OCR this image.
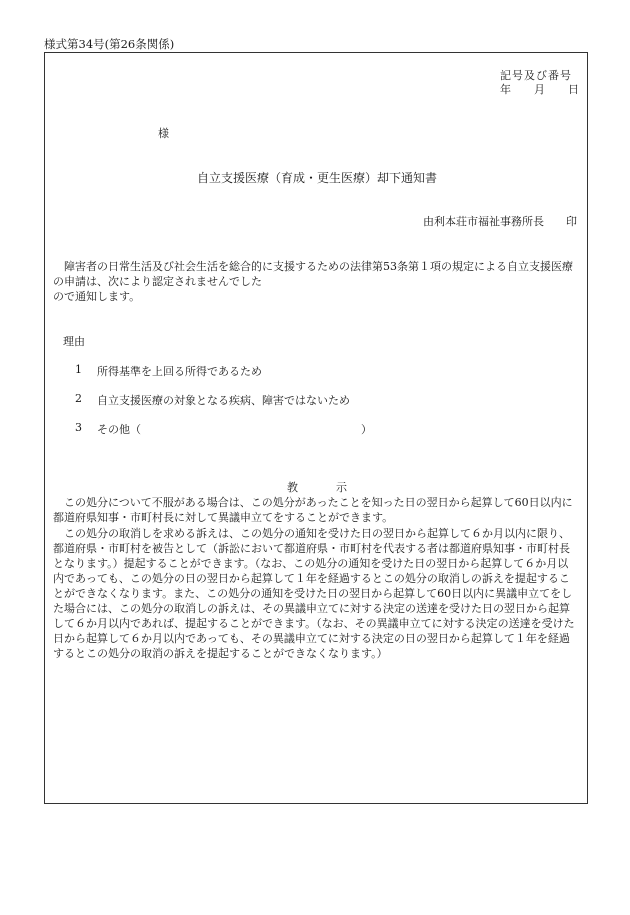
様式第34号(第26条関係)
記号及び番号
年 月 日
様
自立支援医療（育成・更生医療）却下通知書
由利本荘市福祉事務所長　　印
　障害者の日常生活及び社会生活を総合的に支援するための法律第53条第１項の規定による自立支援医療の申請は、次により認定されませんでした
ので通知します。
理由
1 所得基準を上回る所得であるため
2 自立支援医療の対象となる疾病、障害ではないため
3 その他（　　　　　　　　　　　　　　　　　　　　）
教示
　この処分について不服がある場合は、この処分があったことを知った日の翌日から起算して60日以内に都道府県知事・市町村長に対して異議申立てをすることができます。
　この処分の取消しを求める訴えは、この処分の通知を受けた日の翌日から起算して６か月以内に限り、都道府県・市町村を被告として（訴訟において都道府県・市町村を代表する者は都道府県知事・市町村長となります。）提起することができます。（なお、この処分の通知を受けた日の翌日から起算して６か月以内であっても、この処分の日の翌日から起算して１年を経過するとこの処分の取消しの訴えを提起することができなくなります。また、この処分の通知を受けた日の翌日から起算して60日以内に異議申立てをした場合には、この処分の取消しの訴えは、その異議申立てに対する決定の送達を受けた日の翌日から起算して６か月以内であれば、提起することができます。（なお、その異議申立てに対する決定の送達を受けた日から起算して６か月以内であっても、その異議申立てに対する決定の日の翌日から起算して１年を経過するとこの処分の取消の訴えを提起することができなくなります。）
